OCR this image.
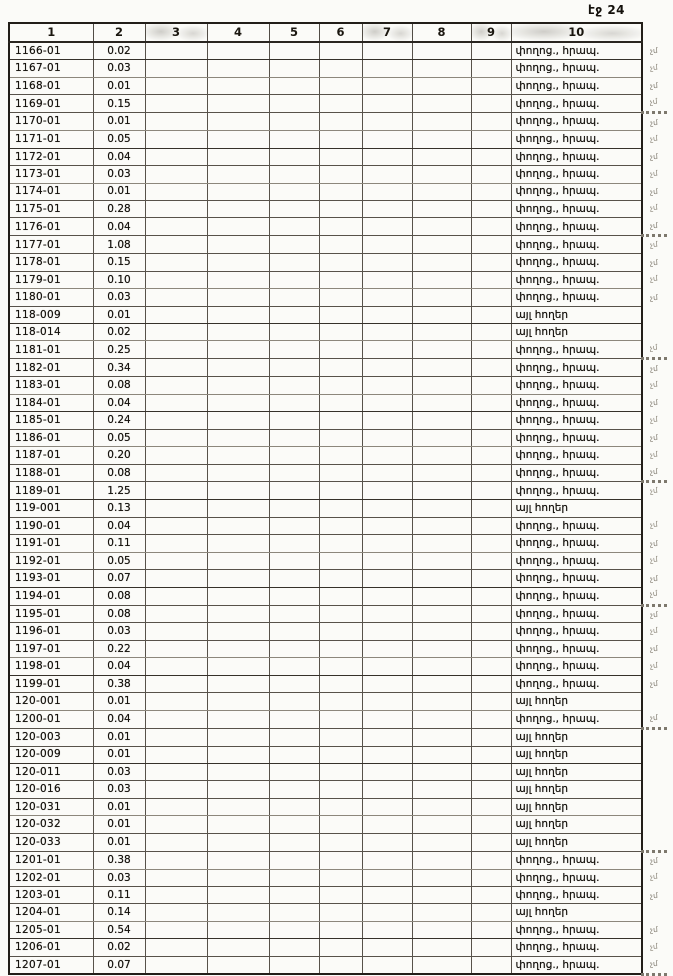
էջ 24
1	2	3	4	5	6	7	8	9	10	
1166-01	0.02								փողոց., հրապ.	չմ
1167-01	0.03								փողոց., հրապ.	չմ
1168-01	0.01								փողոց., հրապ.	չմ
1169-01	0.15								փողոց., հրապ.	չմ
1170-01	0.01								փողոց., հրապ.	չմ
1171-01	0.05								փողոց., հրապ.	չմ
1172-01	0.04								փողոց., հրապ.	չմ
1173-01	0.03								փողոց., հրապ.	չմ
1174-01	0.01								փողոց., հրապ.	չմ
1175-01	0.28								փողոց., հրապ.	չմ
1176-01	0.04								փողոց., հրապ.	չմ
1177-01	1.08								փողոց., հրապ.	չմ
1178-01	0.15								փողոց., հրապ.	չմ
1179-01	0.10								փողոց., հրապ.	չմ
1180-01	0.03								փողոց., հրապ.	չմ
118-009	0.01								այլ հողեր	
118-014	0.02								այլ հողեր	
1181-01	0.25								փողոց., հրապ.	չմ
1182-01	0.34								փողոց., հրապ.	չմ
1183-01	0.08								փողոց., հրապ.	չմ
1184-01	0.04								փողոց., հրապ.	չմ
1185-01	0.24								փողոց., հրապ.	չմ
1186-01	0.05								փողոց., հրապ.	չմ
1187-01	0.20								փողոց., հրապ.	չմ
1188-01	0.08								փողոց., հրապ.	չմ
1189-01	1.25								փողոց., հրապ.	չմ
119-001	0.13								այլ հողեր	
1190-01	0.04								փողոց., հրապ.	չմ
1191-01	0.11								փողոց., հրապ.	չմ
1192-01	0.05								փողոց., հրապ.	չմ
1193-01	0.07								փողոց., հրապ.	չմ
1194-01	0.08								փողոց., հրապ.	չմ
1195-01	0.08								փողոց., հրապ.	չմ
1196-01	0.03								փողոց., հրապ.	չմ
1197-01	0.22								փողոց., հրապ.	չմ
1198-01	0.04								փողոց., հրապ.	չմ
1199-01	0.38								փողոց., հրապ.	չմ
120-001	0.01								այլ հողեր	
1200-01	0.04								փողոց., հրապ.	չմ
120-003	0.01								այլ հողեր	
120-009	0.01								այլ հողեր	
120-011	0.03								այլ հողեր	
120-016	0.03								այլ հողեր	
120-031	0.01								այլ հողեր	
120-032	0.01								այլ հողեր	
120-033	0.01								այլ հողեր	
1201-01	0.38								փողոց., հրապ.	չմ
1202-01	0.03								փողոց., հրապ.	չմ
1203-01	0.11								փողոց., հրապ.	չմ
1204-01	0.14								այլ հողեր	
1205-01	0.54								փողոց., հրապ.	չմ
1206-01	0.02								փողոց., հրապ.	չմ
1207-01	0.07								փողոց., հրապ.	չմ
